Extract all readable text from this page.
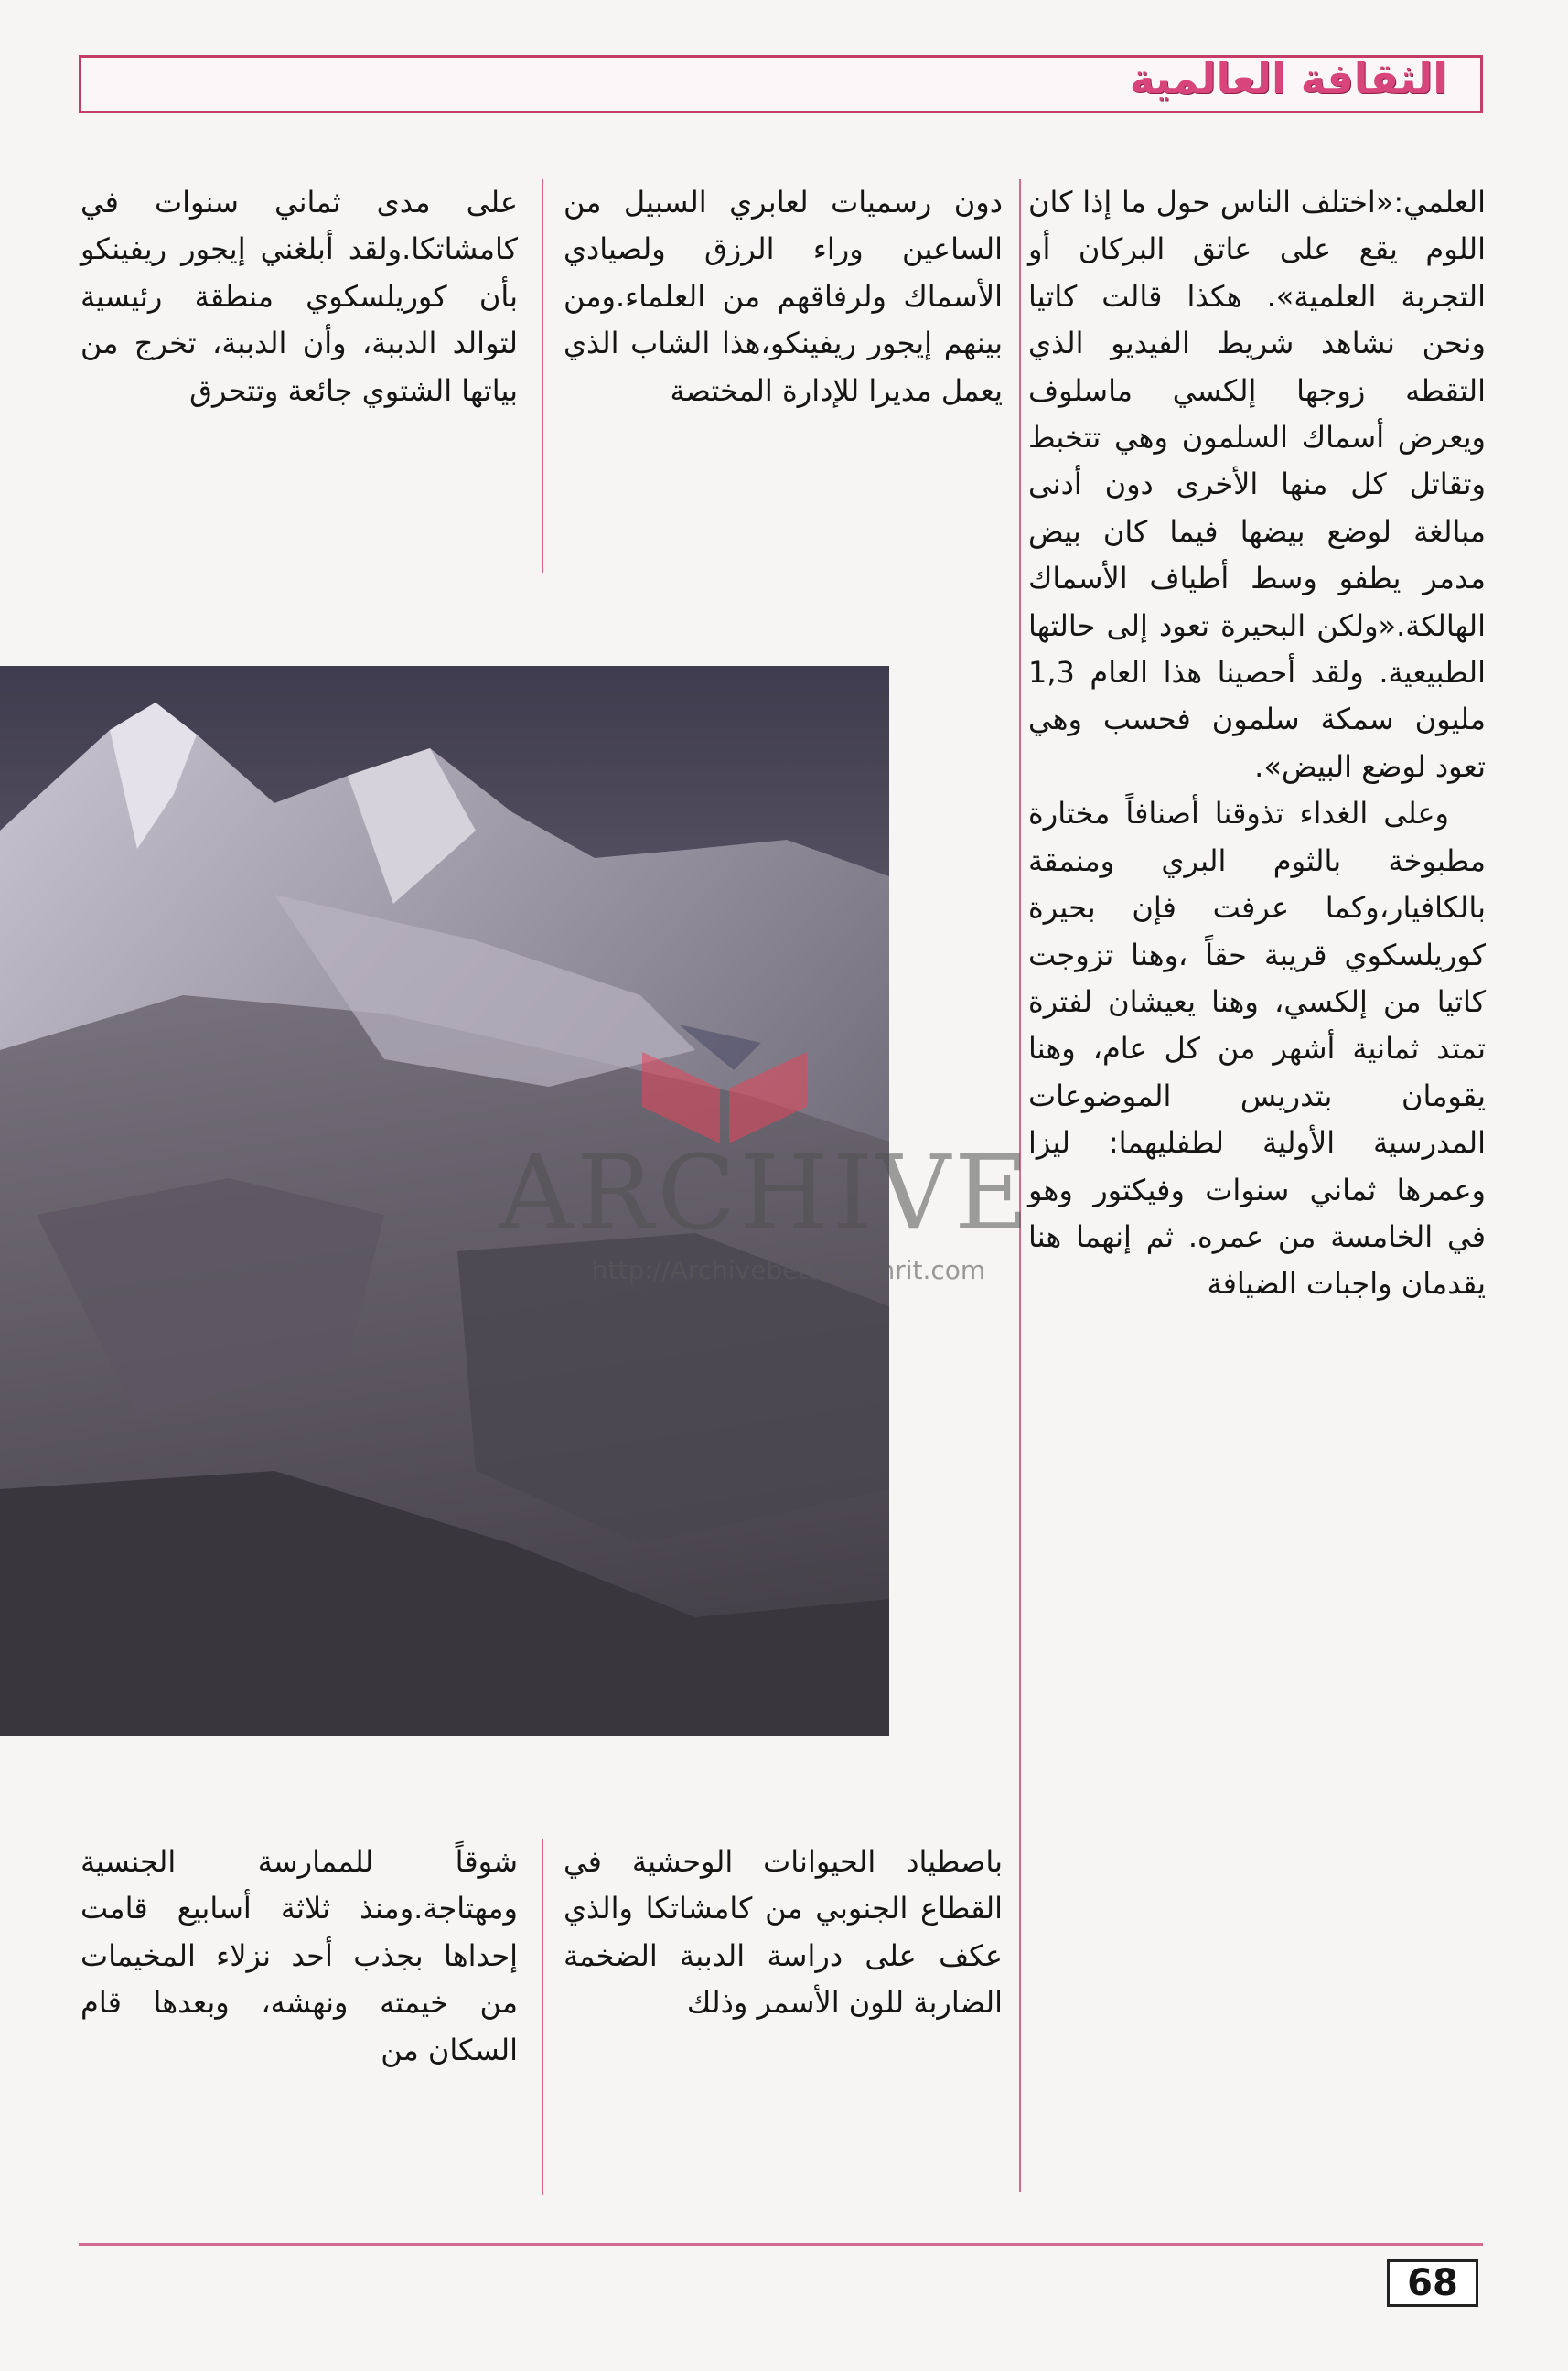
الثقافة العالمية

العلمي:«اختلف الناس حول ما إذا كان اللوم يقع على عاتق البركان أو التجربة العلمية». هكذا قالت كاتيا ونحن نشاهد شريط الفيديو الذي التقطه زوجها إلكسي ماسلوف ويعرض أسماك السلمون وهي تتخبط وتقاتل كل منها الأخرى دون أدنى مبالغة لوضع بيضها فيما كان بيض مدمر يطفو وسط أطياف الأسماك الهالكة.«ولكن البحيرة تعود إلى حالتها الطبيعية. ولقد أحصينا هذا العام 1,3 مليون سمكة سلمون فحسب وهي تعود لوضع البيض».

وعلى الغداء تذوقنا أصنافاً مختارة مطبوخة بالثوم البري ومنمقة بالكافيار،وكما عرفت فإن بحيرة كوريلسكوي قريبة حقاً ،وهنا تزوجت كاتيا من إلكسي، وهنا يعيشان لفترة تمتد ثمانية أشهر من كل عام، وهنا يقومان بتدريس الموضوعات المدرسية الأولية لطفليهما: ليزا وعمرها ثماني سنوات وفيكتور وهو في الخامسة من عمره. ثم إنهما هنا يقدمان واجبات الضيافة

دون رسميات لعابري السبيل من الساعين وراء الرزق ولصيادي الأسماك ولرفاقهم من العلماء.ومن بينهم إيجور ريفينكو،هذا الشاب الذي يعمل مديرا للإدارة المختصة

على مدى ثماني سنوات في كامشاتكا.ولقد أبلغني إيجور ريفينكو بأن كوريلسكوي منطقة رئيسية لتوالد الدببة، وأن الدببة، تخرج من بياتها الشتوي جائعة وتتحرق

ARCHIVE
http://Archivebeta.Sakhrit.com

باصطياد الحيوانات الوحشية في القطاع الجنوبي من كامشاتكا والذي عكف على دراسة الدببة الضخمة الضاربة للون الأسمر وذلك

شوقاً للممارسة الجنسية ومهتاجة.ومنذ ثلاثة أسابيع قامت إحداها بجذب أحد نزلاء المخيمات من خيمته ونهشه، وبعدها قام السكان من

68
